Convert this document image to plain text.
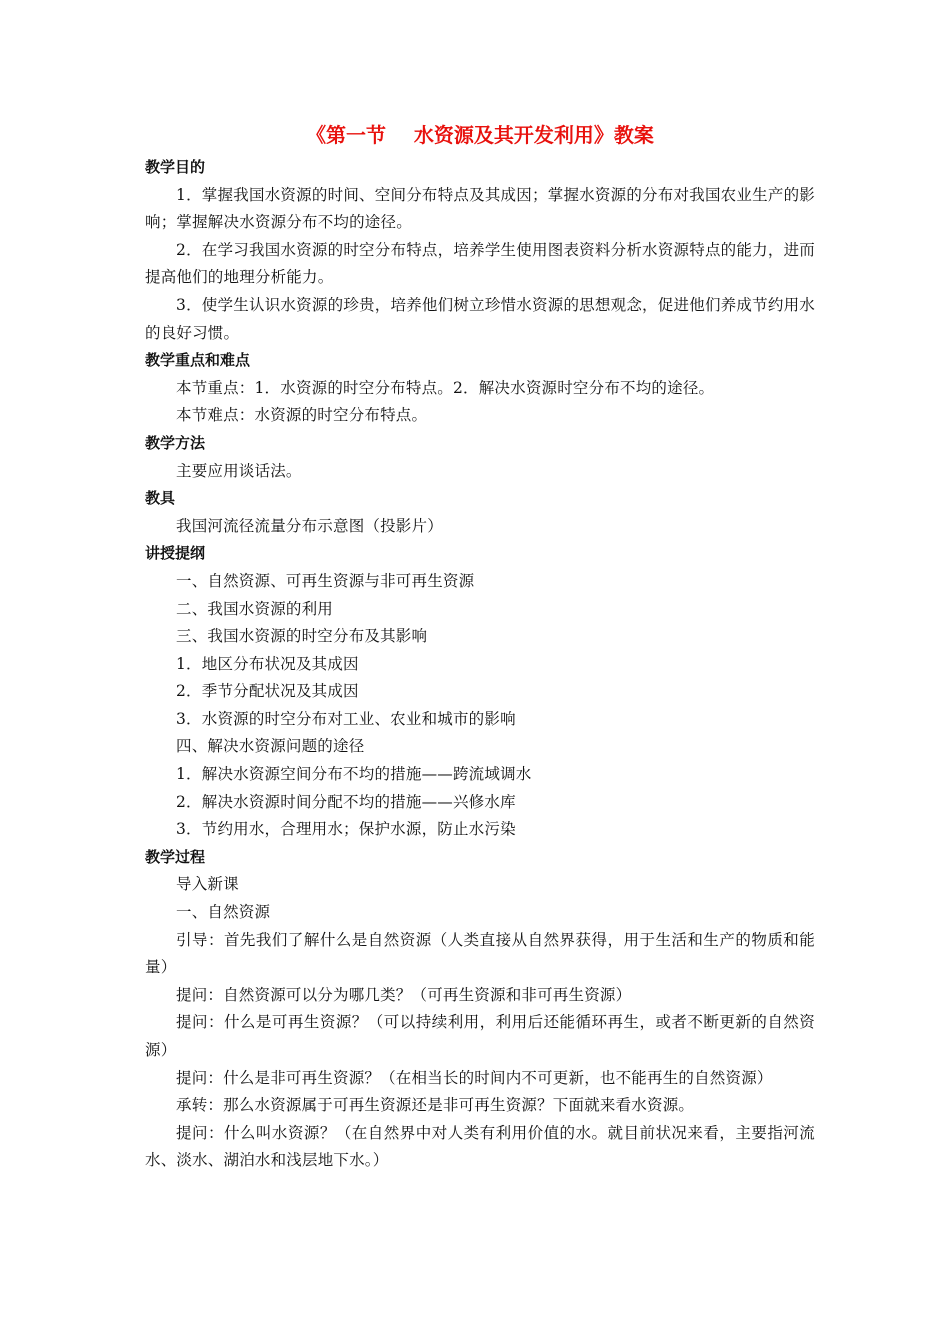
《第一节    水资源及其开发利用》教案
教学目的

1．掌握我国水资源的时间、空间分布特点及其成因；掌握水资源的分布对我国农业生产的影响；掌握解决水资源分布不均的途径。

2．在学习我国水资源的时空分布特点，培养学生使用图表资料分析水资源特点的能力，进而提高他们的地理分析能力。

3．使学生认识水资源的珍贵，培养他们树立珍惜水资源的思想观念，促进他们养成节约用水的良好习惯。

教学重点和难点

本节重点：1．水资源的时空分布特点。2．解决水资源时空分布不均的途径。

本节难点：水资源的时空分布特点。

教学方法

主要应用谈话法。

教具

我国河流径流量分布示意图（投影片）

讲授提纲

一、自然资源、可再生资源与非可再生资源

二、我国水资源的利用

三、我国水资源的时空分布及其影响

1．地区分布状况及其成因

2．季节分配状况及其成因

3．水资源的时空分布对工业、农业和城市的影响

四、解决水资源问题的途径

1．解决水资源空间分布不均的措施——跨流域调水

2．解决水资源时间分配不均的措施——兴修水库

3．节约用水，合理用水；保护水源，防止水污染

教学过程

导入新课

一、自然资源

引导：首先我们了解什么是自然资源（人类直接从自然界获得，用于生活和生产的物质和能量）

提问：自然资源可以分为哪几类？（可再生资源和非可再生资源）

提问：什么是可再生资源？（可以持续利用，利用后还能循环再生，或者不断更新的自然资源）

提问：什么是非可再生资源？（在相当长的时间内不可更新，也不能再生的自然资源）

承转：那么水资源属于可再生资源还是非可再生资源？下面就来看水资源。

提问：什么叫水资源？（在自然界中对人类有利用价值的水。就目前状况来看，主要指河流水、淡水、湖泊水和浅层地下水。）
